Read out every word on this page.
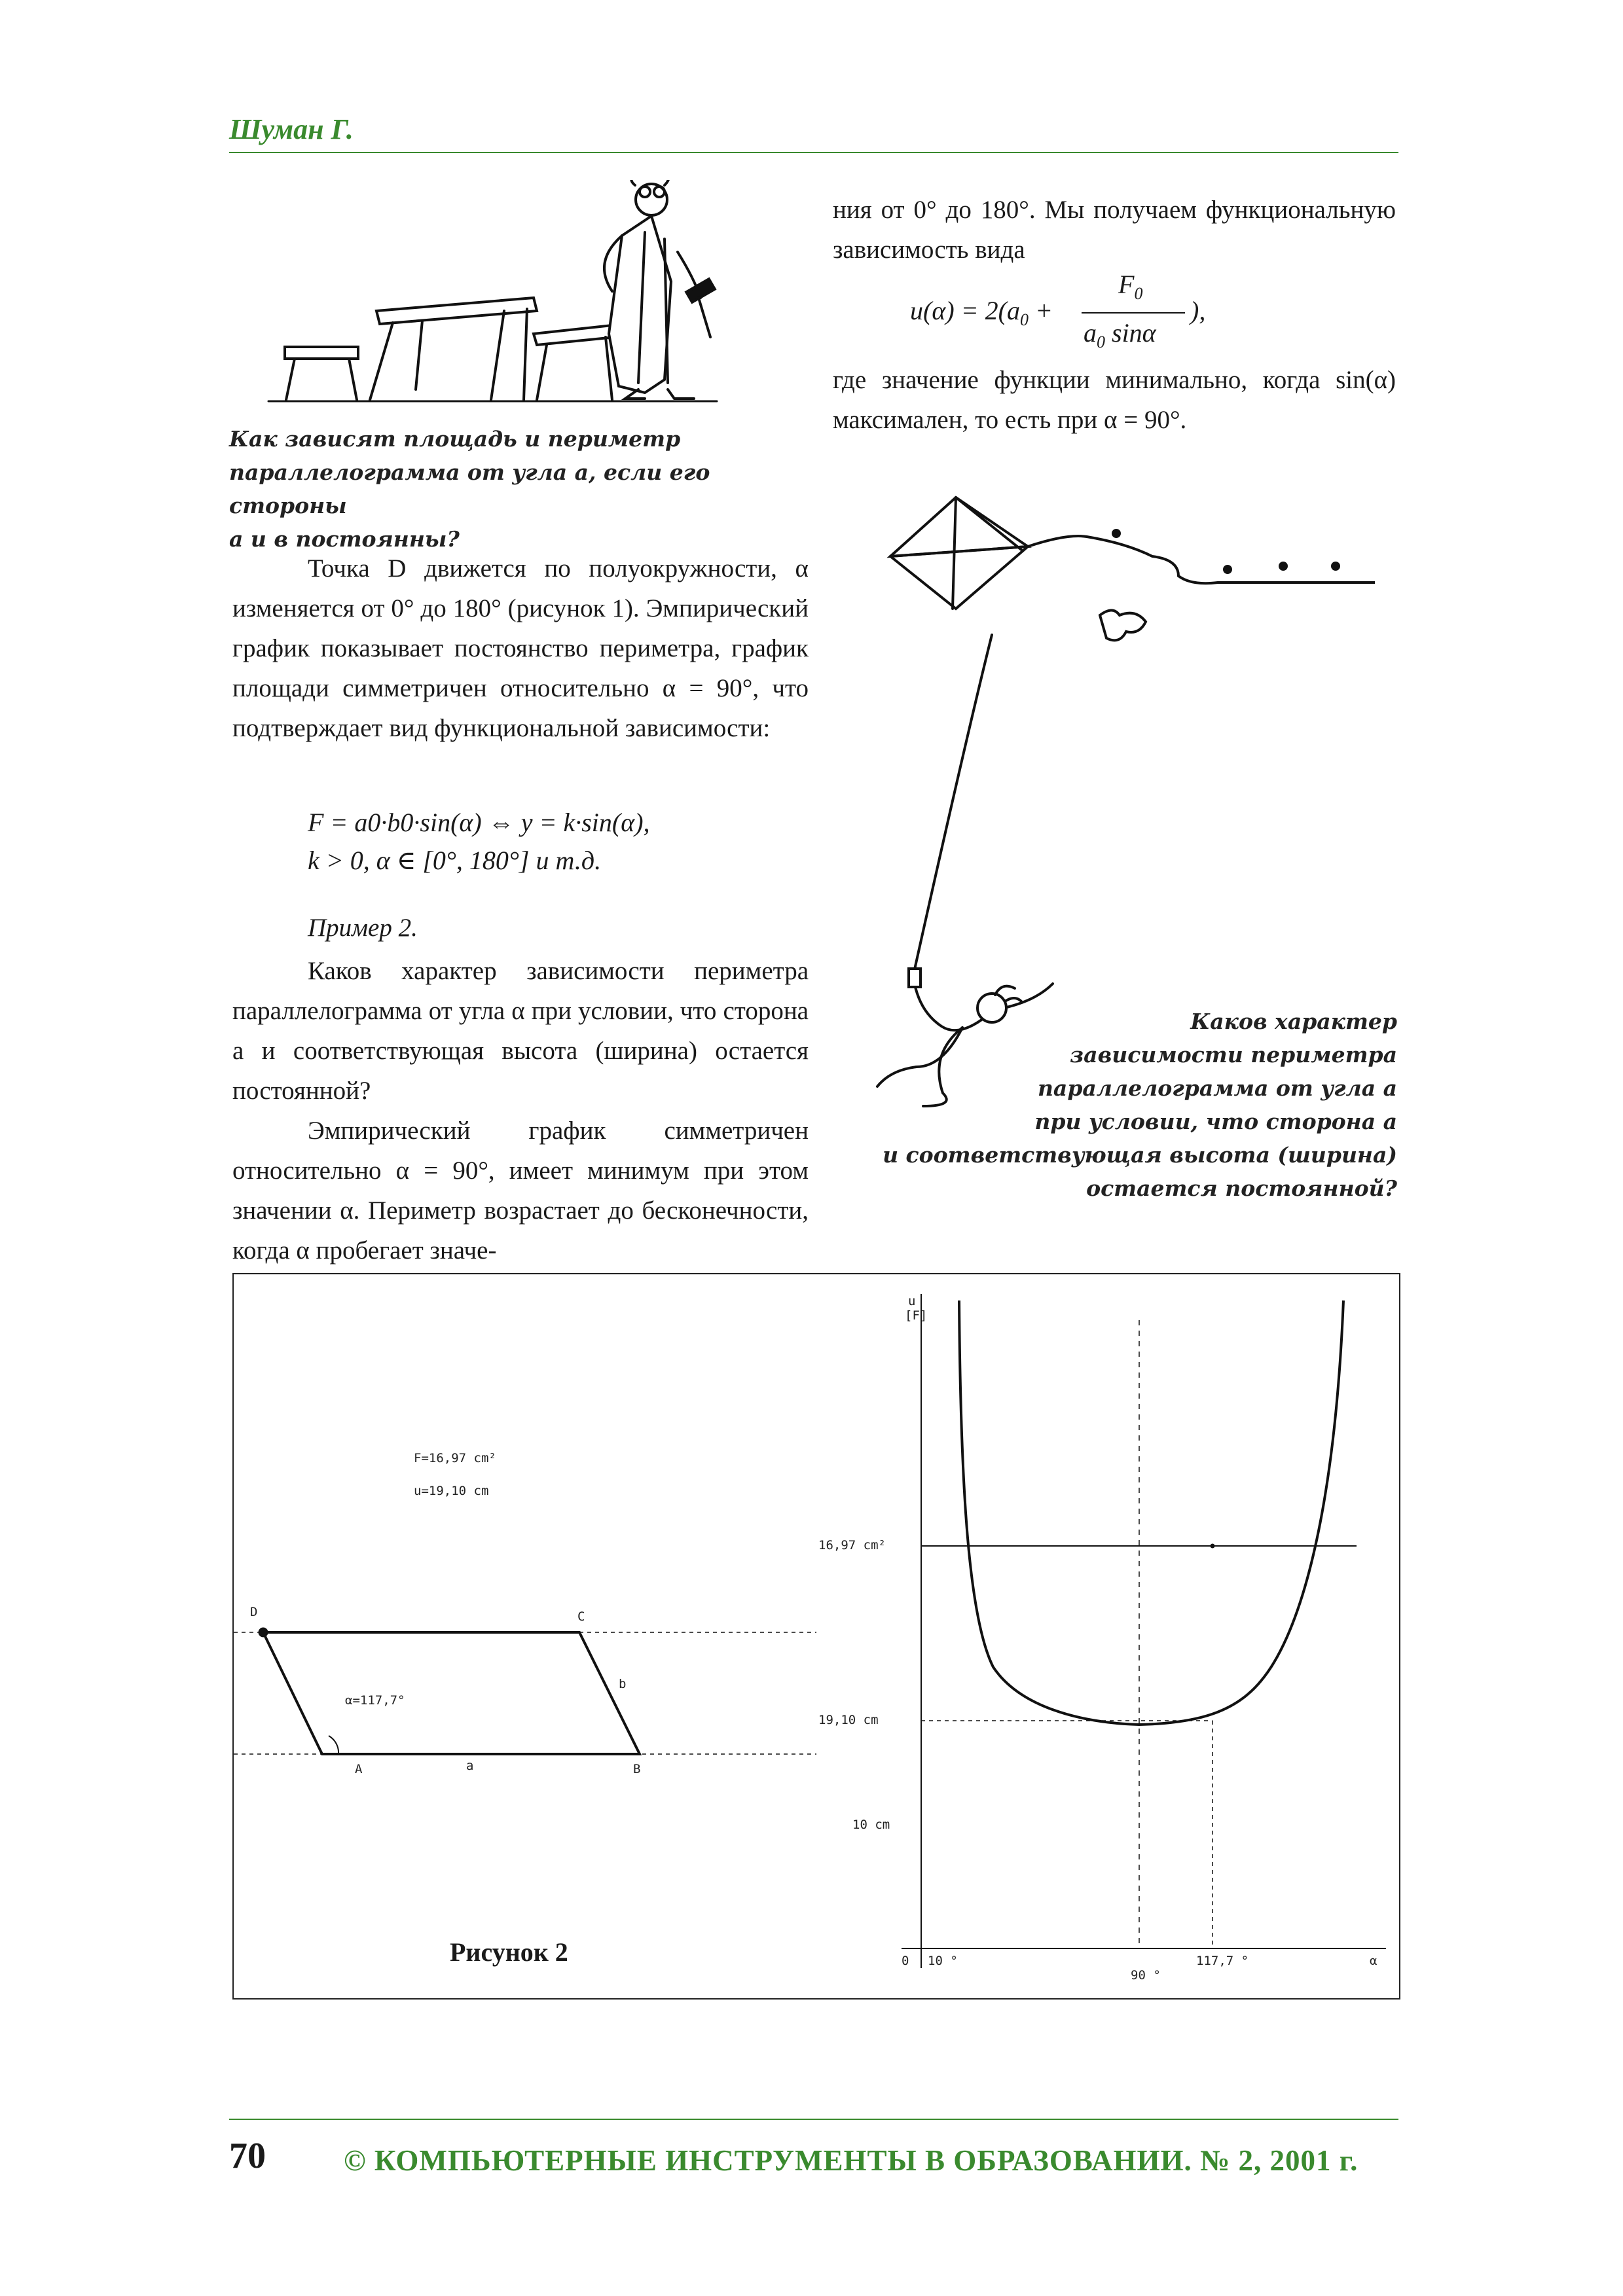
Шуман Г.
Как зависят площадь и периметр
параллелограмма от угла а, если его стороны
а и в постоянны?
Точка D движется по полуокружности, α изменяется от 0° до 180° (рисунок 1). Эмпирический график показывает постоянство периметра, график площади симметричен относительно α = 90°, что подтверждает вид функциональной зависимости:
F = a0·b0·sin(α) ⇔ y = k·sin(α),
k > 0, α ∈ [0°, 180°] и т.д.
Пример 2.
Каков характер зависимости периметра параллелограмма от угла α при условии, что сторона a и соответствующая высота (ширина) остается постоянной?
Эмпирический график симметричен относительно α = 90°, имеет минимум при этом значении α. Периметр возрастает до бесконечности, когда α пробегает значе-
ния от 0° до 180°. Мы получаем функциональную зависимость вида
$u(\alpha) = 2(a_0$ +
$F_0$
$a_0$ sinα
),
где значение функции минимально, когда sin(α) максимален, то есть при α = 90°.
Каков характер
зависимости периметра
параллелограмма от угла а
при условии, что сторона а
и соответствующая высота (ширина)
остается постоянной?
F=16,97 cm²
u=19,10 cm
α=117,7°
D	C
A	B
a
b
u
[F]
16,97 cm²
19,10 cm
10 cm
0 10 °
90 °
117,7 °	α
Рисунок 2
70	© КОМПЬЮТЕРНЫЕ ИНСТРУМЕНТЫ В ОБРАЗОВАНИИ. № 2, 2001 г.
